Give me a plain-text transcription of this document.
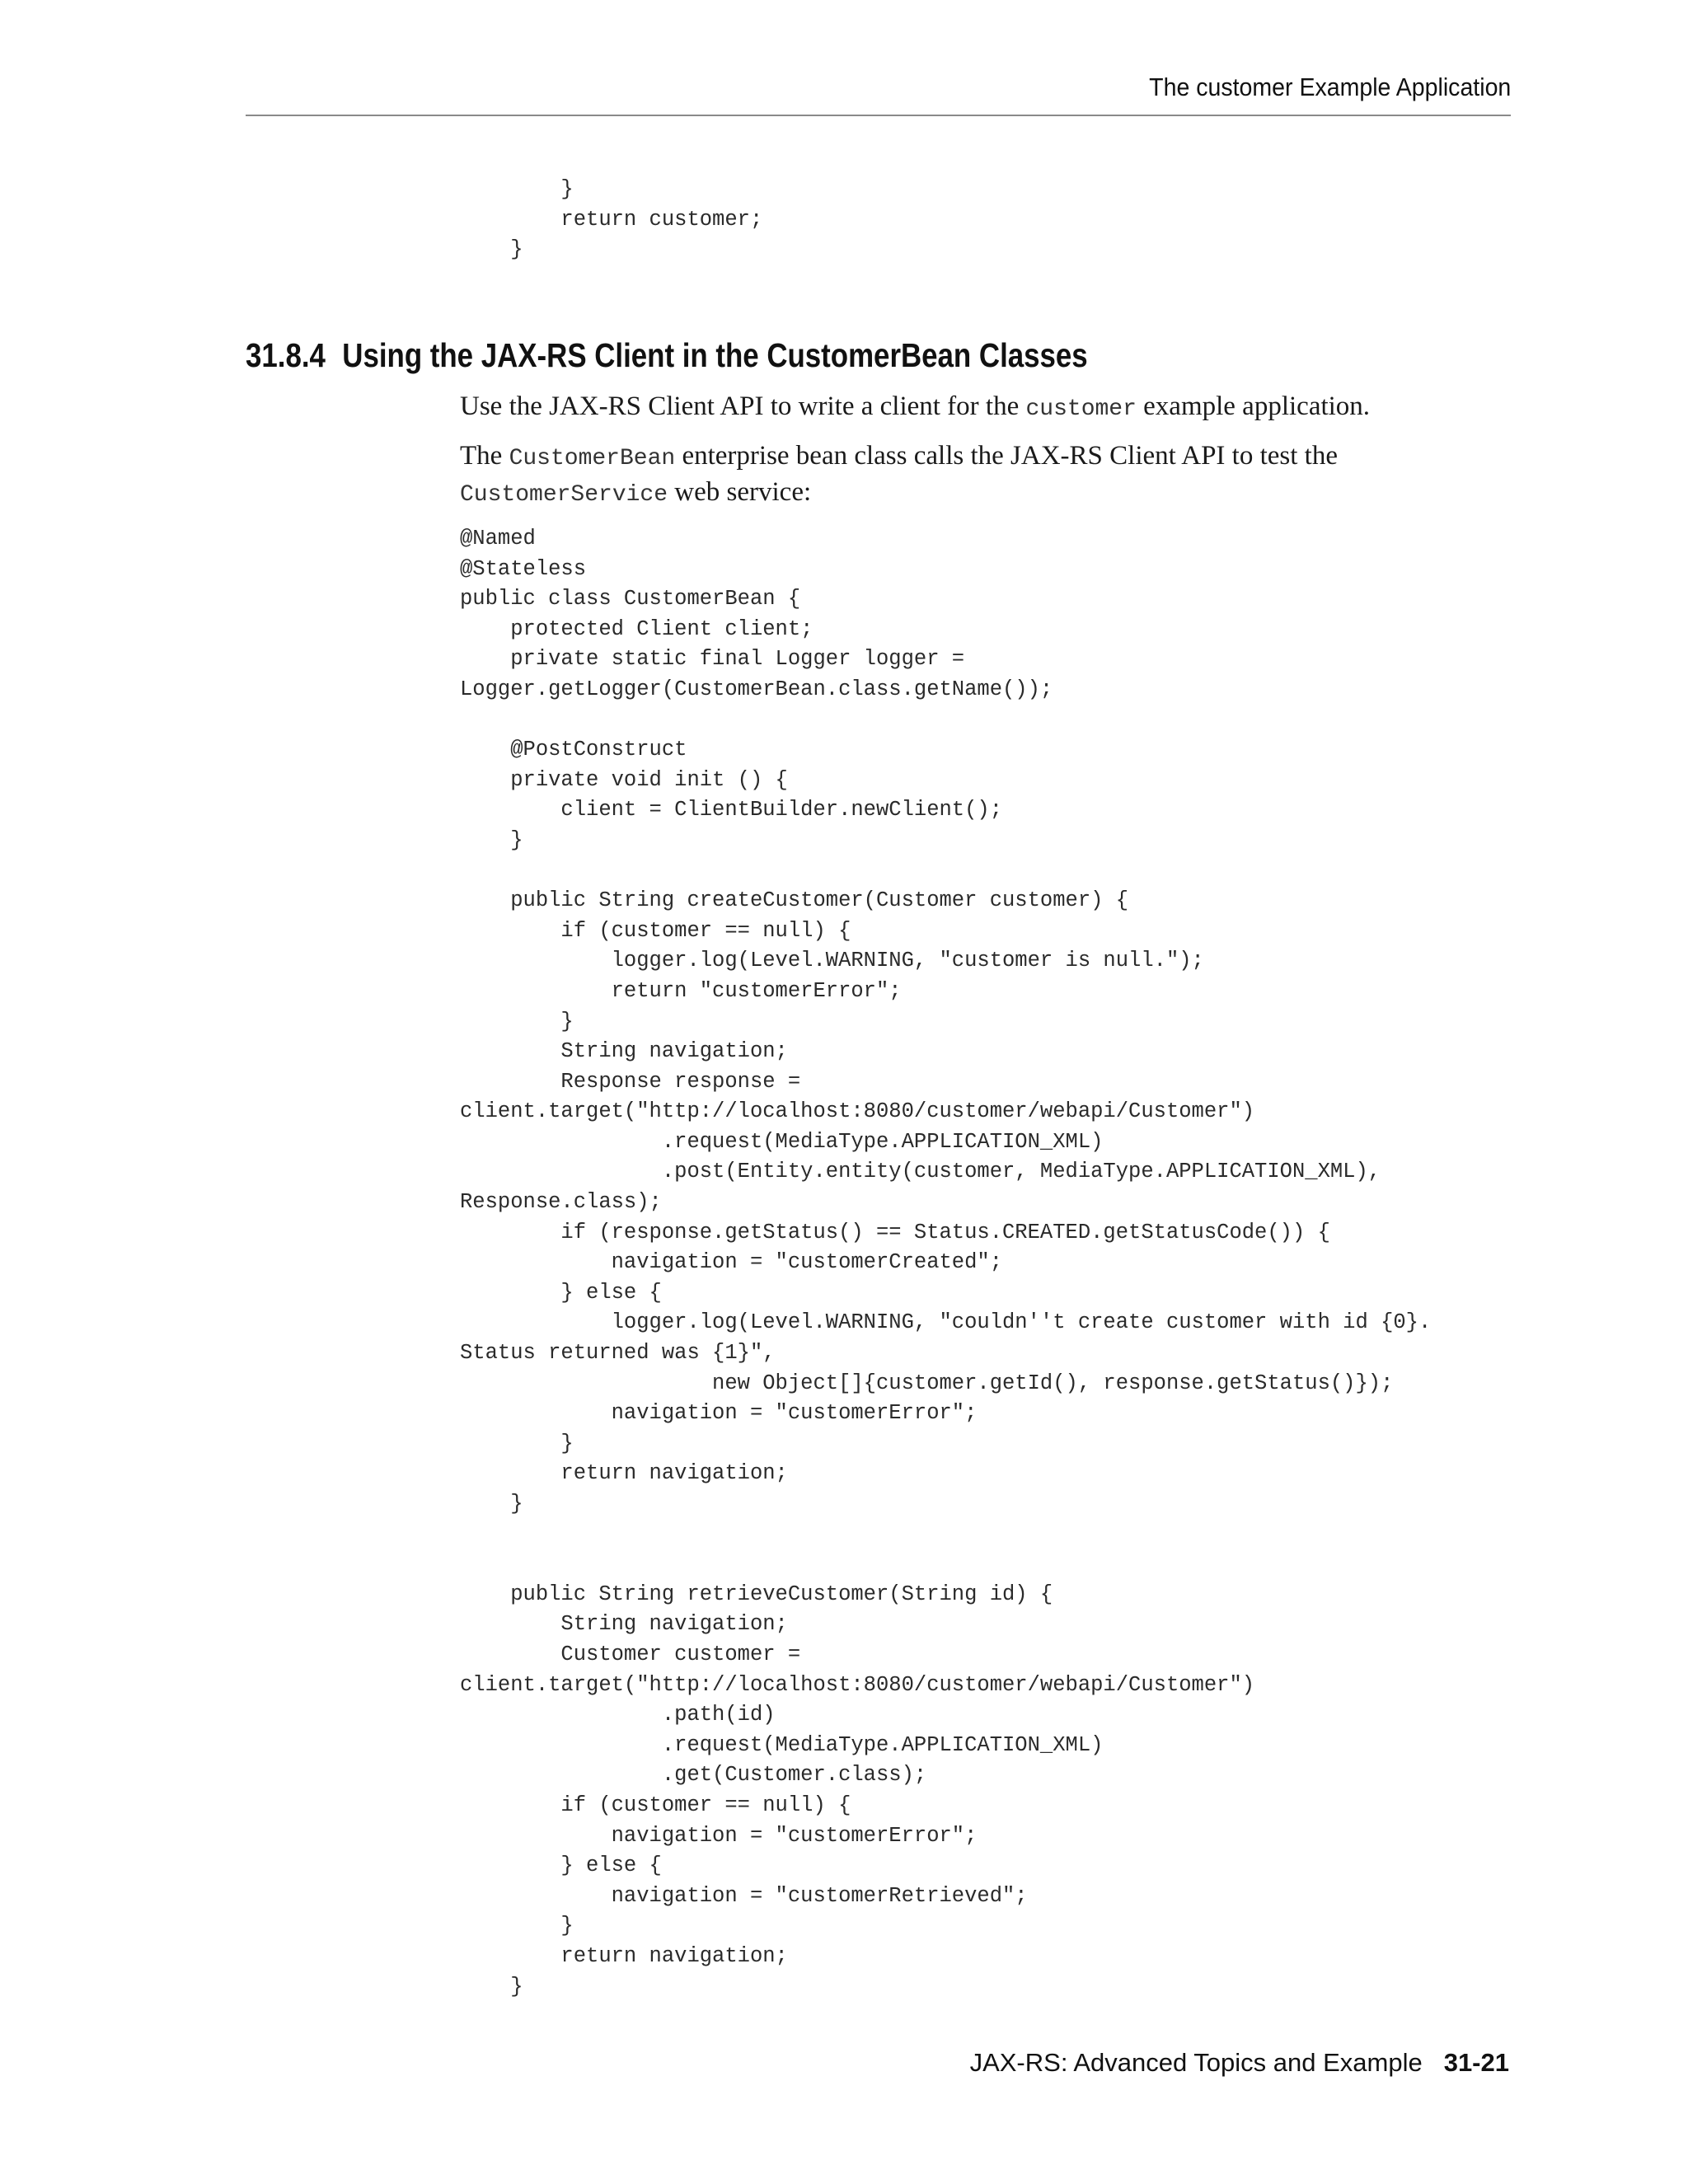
The customer Example Application
}
return customer;
}
31.8.4 Using the JAX-RS Client in the CustomerBean Classes

Use the JAX-RS Client API to write a client for the customer example application.

The CustomerBean enterprise bean class calls the JAX-RS Client API to test the
CustomerService web service:

@Named
@Stateless
public class CustomerBean {
protected Client client;
private static final Logger logger =
Logger.getLogger(CustomerBean.class.getName());

@PostConstruct
private void init () {
client = ClientBuilder.newClient();
}

public String createCustomer(Customer customer) {
if (customer == null) {
logger.log(Level.WARNING, "customer is null.");
return "customerError";
}
String navigation;
Response response =
client.target("http://localhost:8080/customer/webapi/Customer")
.request(MediaType.APPLICATION_XML)
.post(Entity.entity(customer, MediaType.APPLICATION_XML),
Response.class);
if (response.getStatus() == Status.CREATED.getStatusCode()) {
navigation = "customerCreated";
} else {
logger.log(Level.WARNING, "couldn''t create customer with id {0}.
Status returned was {1}",
new Object[]{customer.getId(), response.getStatus()});
navigation = "customerError";
}
return navigation;
}

public String retrieveCustomer(String id) {
String navigation;
Customer customer =
client.target("http://localhost:8080/customer/webapi/Customer")
.path(id)
.request(MediaType.APPLICATION_XML)
.get(Customer.class);
if (customer == null) {
navigation = "customerError";
} else {
navigation = "customerRetrieved";
}
return navigation;
}
JAX-RS: Advanced Topics and Example 31-21
